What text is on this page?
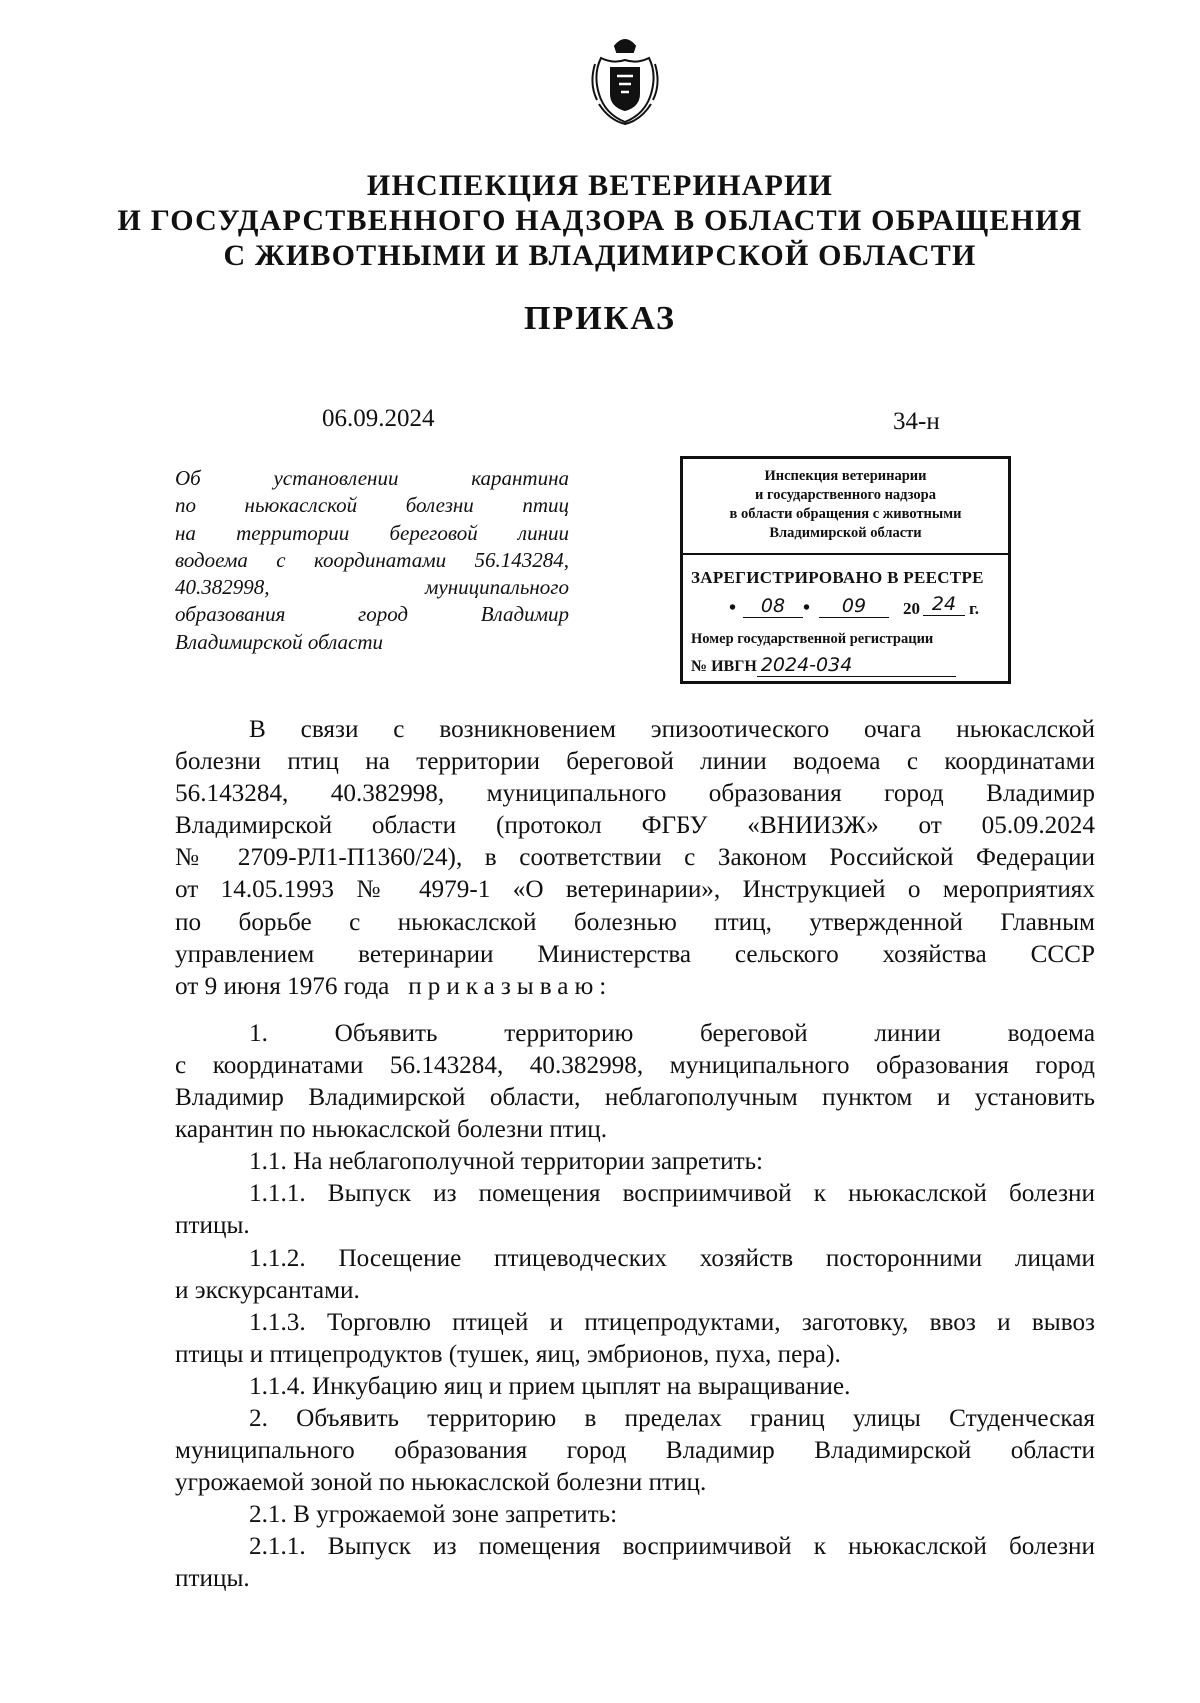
ИНСПЕКЦИЯ ВЕТЕРИНАРИИ
И ГОСУДАРСТВЕННОГО НАДЗОРА В ОБЛАСТИ ОБРАЩЕНИЯ
С ЖИВОТНЫМИ И ВЛАДИМИРСКОЙ ОБЛАСТИ
ПРИКАЗ
06.09.2024	34-н
Об установлении карантина
по ньюкаслской болезни птиц
на территории береговой линии
водоема с координатами 56.143284,
40.382998, муниципального
образования город Владимир
Владимирской области
Инспекция ветеринарии
и государственного надзора
в области обращения с животными
Владимирской области
ЗАРЕГИСТРИРОВАНО В РЕЕСТРЕ
•	08 •	09	20 24 г.
Номер государственной регистрации
№ ИВГН 2024-034
В связи с возникновением эпизоотического очага ньюкаслской
болезни птиц на территории береговой линии водоема с координатами
56.143284, 40.382998, муниципального образования город Владимир
Владимирской области (протокол ФГБУ «ВНИИЗЖ» от 05.09.2024
№ 2709-РЛ1-П1360/24), в соответствии с Законом Российской Федерации
от 14.05.1993 № 4979-1 «О ветеринарии», Инструкцией о мероприятиях
по борьбе с ньюкаслской болезнью птиц, утвержденной Главным
управлением ветеринарии Министерства сельского хозяйства СССР
от 9 июня 1976 года приказываю:
1. Объявить территорию береговой линии водоема
с координатами 56.143284, 40.382998, муниципального образования город
Владимир Владимирской области, неблагополучным пунктом и установить
карантин по ньюкаслской болезни птиц.
1.1. На неблагополучной территории запретить:
1.1.1. Выпуск из помещения восприимчивой к ньюкаслской болезни
птицы.
1.1.2. Посещение птицеводческих хозяйств посторонними лицами
и экскурсантами.
1.1.3. Торговлю птицей и птицепродуктами, заготовку, ввоз и вывоз
птицы и птицепродуктов (тушек, яиц, эмбрионов, пуха, пера).
1.1.4. Инкубацию яиц и прием цыплят на выращивание.
2. Объявить территорию в пределах границ улицы Студенческая
муниципального образования город Владимир Владимирской области
угрожаемой зоной по ньюкаслской болезни птиц.
2.1. В угрожаемой зоне запретить:
2.1.1. Выпуск из помещения восприимчивой к ньюкаслской болезни
птицы.
